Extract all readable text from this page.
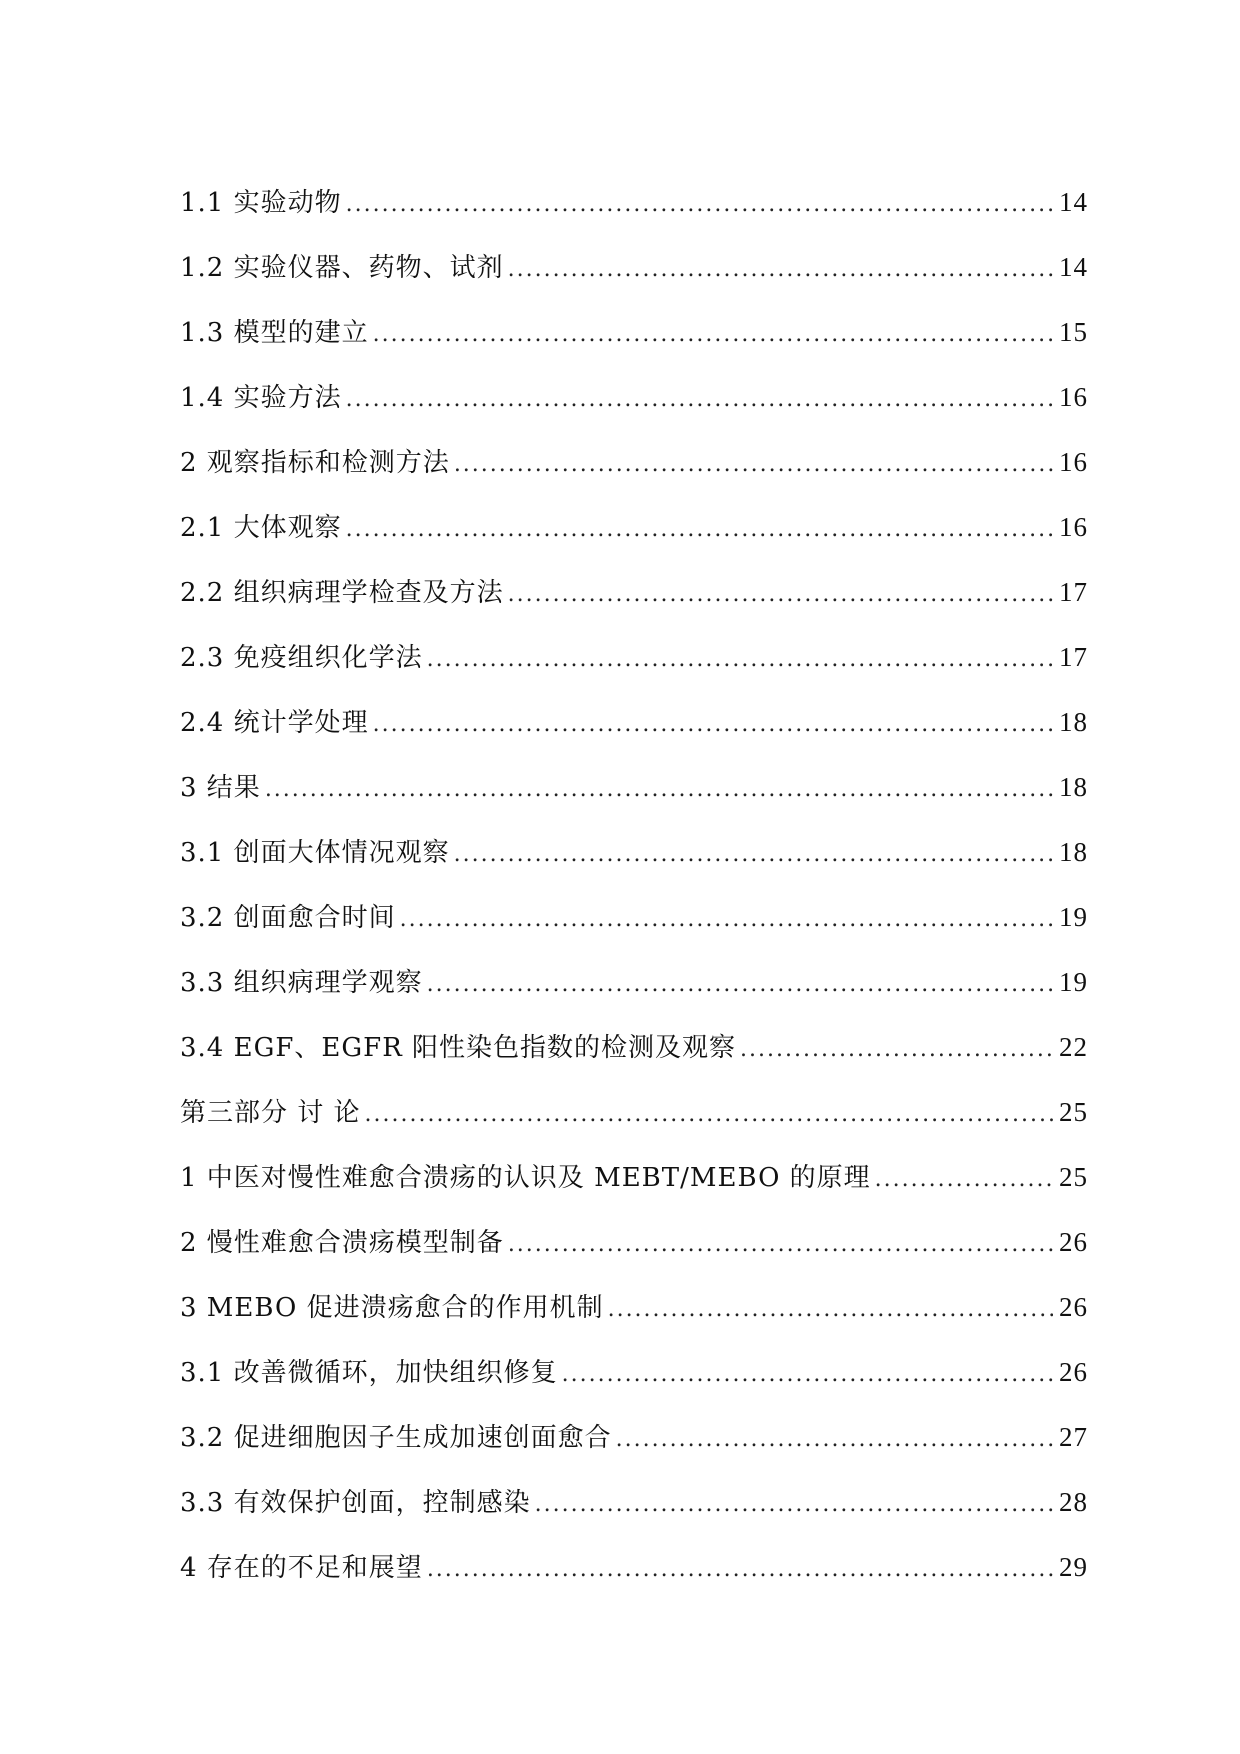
1.1 实验动物 .....	14
1.2 实验仪器、药物、试剂 .....	14
1.3 模型的建立 .....	15
1.4 实验方法 .....	16
2 观察指标和检测方法 .....	16
2.1 大体观察 .....	16
2.2 组织病理学检查及方法 .....	17
2.3 免疫组织化学法 .....	17
2.4 统计学处理 .....	18
3 结果 .....	18
3.1 创面大体情况观察 .....	18
3.2 创面愈合时间 .....	19
3.3 组织病理学观察 .....	19
3.4 EGF、EGFR 阳性染色指数的检测及观察 .....	22
第三部分 讨 论 .....	25
1 中医对慢性难愈合溃疡的认识及 MEBT/MEBO 的原理 .....	25
2 慢性难愈合溃疡模型制备 .....	26
3 MEBO 促进溃疡愈合的作用机制 .....	26
3.1 改善微循环，加快组织修复 .....	26
3.2 促进细胞因子生成加速创面愈合 .....	27
3.3 有效保护创面，控制感染 .....	28
4 存在的不足和展望 .....	29
